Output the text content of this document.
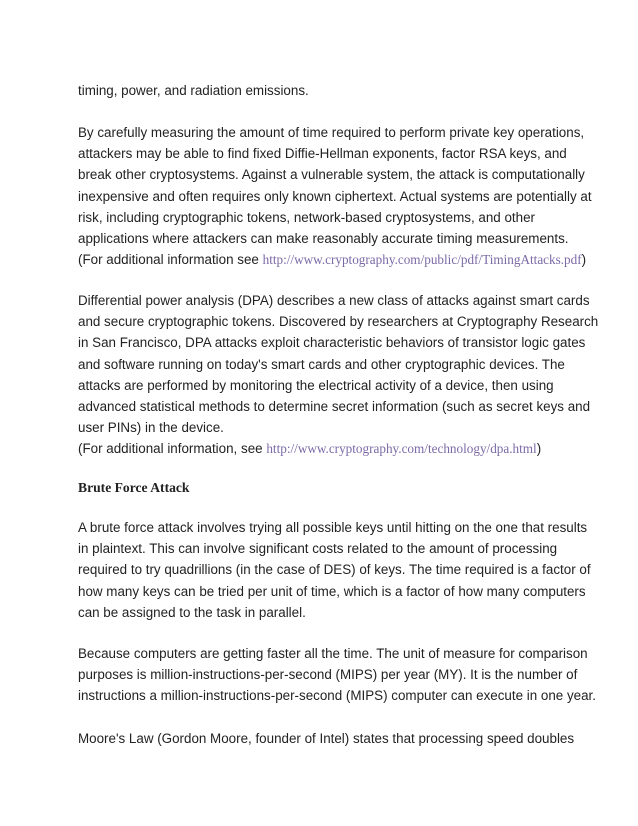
timing, power, and radiation emissions.
By carefully measuring the amount of time required to perform private key operations,
attackers may be able to find fixed Diffie-Hellman exponents, factor RSA keys, and
break other cryptosystems. Against a vulnerable system, the attack is computationally
inexpensive and often requires only known ciphertext. Actual systems are potentially at
risk, including cryptographic tokens, network-based cryptosystems, and other
applications where attackers can make reasonably accurate timing measurements.
(For additional information see http://www.cryptography.com/public/pdf/TimingAttacks.pdf)
Differential power analysis (DPA) describes a new class of attacks against smart cards
and secure cryptographic tokens. Discovered by researchers at Cryptography Research
in San Francisco, DPA attacks exploit characteristic behaviors of transistor logic gates
and software running on today's smart cards and other cryptographic devices. The
attacks are performed by monitoring the electrical activity of a device, then using
advanced statistical methods to determine secret information (such as secret keys and
user PINs) in the device.
(For additional information, see http://www.cryptography.com/technology/dpa.html)
Brute Force Attack
A brute force attack involves trying all possible keys until hitting on the one that results
in plaintext. This can involve significant costs related to the amount of processing
required to try quadrillions (in the case of DES) of keys. The time required is a factor of
how many keys can be tried per unit of time, which is a factor of how many computers
can be assigned to the task in parallel.
Because computers are getting faster all the time. The unit of measure for comparison
purposes is million-instructions-per-second (MIPS) per year (MY). It is the number of
instructions a million-instructions-per-second (MIPS) computer can execute in one year.
Moore's Law (Gordon Moore, founder of Intel) states that processing speed doubles
